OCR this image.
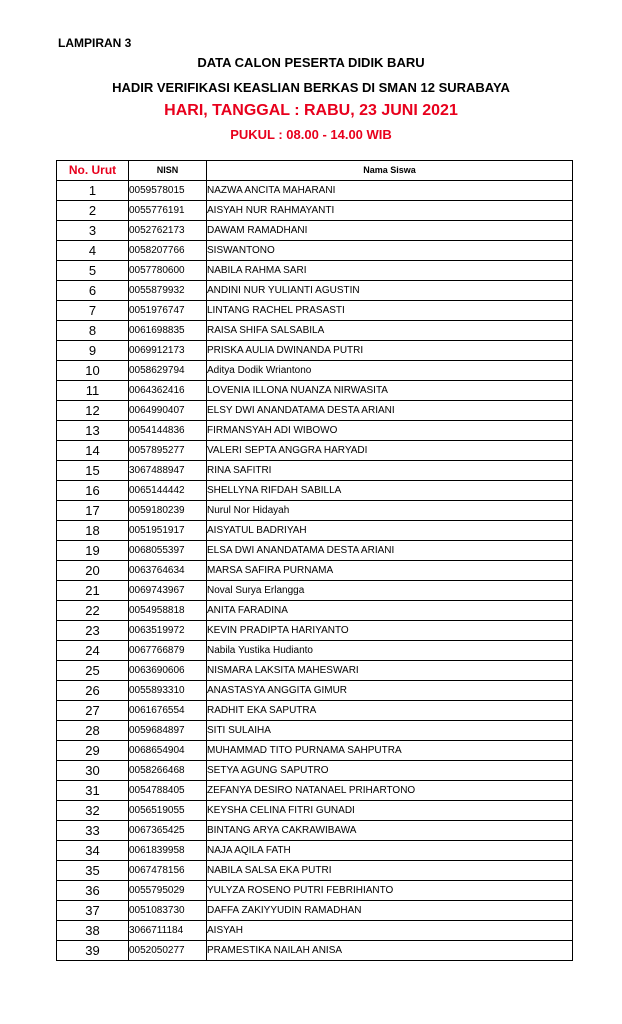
LAMPIRAN 3
DATA CALON PESERTA DIDIK BARU
HADIR VERIFIKASI KEASLIAN BERKAS DI SMAN 12 SURABAYA
HARI, TANGGAL : RABU, 23 JUNI 2021
PUKUL : 08.00 - 14.00 WIB
No. Urut	NISN	Nama Siswa
1	0059578015	NAZWA ANCITA MAHARANI
2	0055776191	AISYAH NUR RAHMAYANTI
3	0052762173	DAWAM RAMADHANI
4	0058207766	SISWANTONO
5	0057780600	NABILA RAHMA SARI
6	0055879932	ANDINI NUR YULIANTI AGUSTIN
7	0051976747	LINTANG RACHEL PRASASTI
8	0061698835	RAISA SHIFA SALSABILA
9	0069912173	PRISKA AULIA DWINANDA PUTRI
10	0058629794	Aditya Dodik Wriantono
11	0064362416	LOVENIA ILLONA NUANZA NIRWASITA
12	0064990407	ELSY DWI ANANDATAMA DESTA ARIANI
13	0054144836	FIRMANSYAH ADI WIBOWO
14	0057895277	VALERI SEPTA ANGGRA HARYADI
15	3067488947	RINA SAFITRI
16	0065144442	SHELLYNA RIFDAH SABILLA
17	0059180239	Nurul Nor Hidayah
18	0051951917	AISYATUL BADRIYAH
19	0068055397	ELSA DWI ANANDATAMA DESTA ARIANI
20	0063764634	MARSA SAFIRA PURNAMA
21	0069743967	Noval Surya Erlangga
22	0054958818	ANITA FARADINA
23	0063519972	KEVIN PRADIPTA HARIYANTO
24	0067766879	Nabila Yustika Hudianto
25	0063690606	NISMARA LAKSITA MAHESWARI
26	0055893310	ANASTASYA ANGGITA GIMUR
27	0061676554	RADHIT EKA SAPUTRA
28	0059684897	SITI SULAIHA
29	0068654904	MUHAMMAD TITO PURNAMA SAHPUTRA
30	0058266468	SETYA AGUNG SAPUTRO
31	0054788405	ZEFANYA DESIRO NATANAEL PRIHARTONO
32	0056519055	KEYSHA CELINA FITRI GUNADI
33	0067365425	BINTANG ARYA CAKRAWIBAWA
34	0061839958	NAJA AQILA FATH
35	0067478156	NABILA SALSA EKA PUTRI
36	0055795029	YULYZA ROSENO PUTRI FEBRIHIANTO
37	0051083730	DAFFA ZAKIYYUDIN RAMADHAN
38	3066711184	AISYAH
39	0052050277	PRAMESTIKA NAILAH ANISA
